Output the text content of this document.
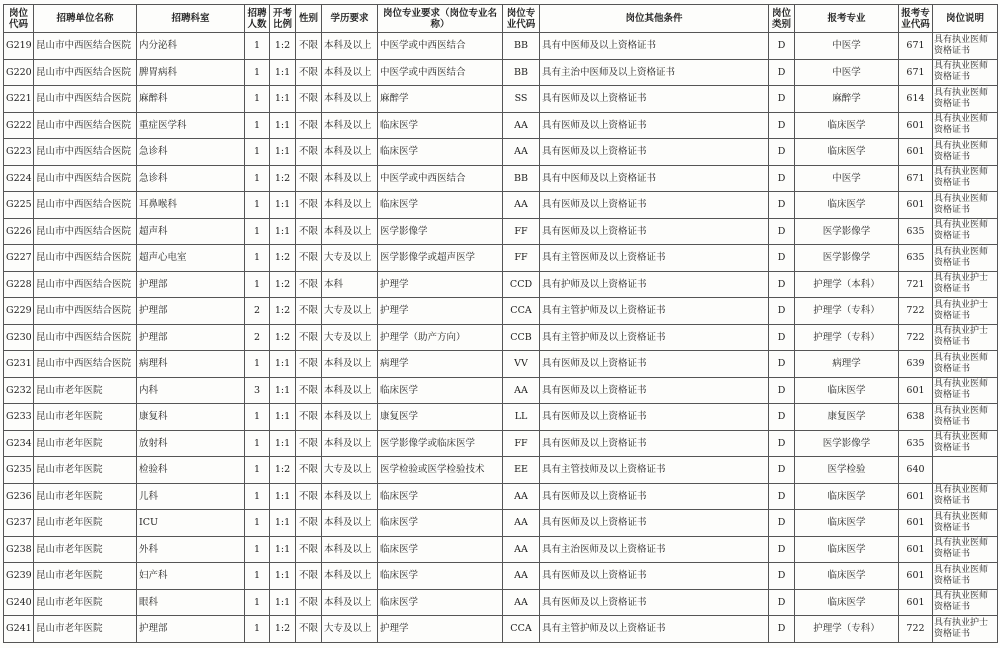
岗位代码	招聘单位名称	招聘科室	招聘人数	开考比例	性别	学历要求	岗位专业要求（岗位专业名称）	岗位专业代码	岗位其他条件	岗位类别	报考专业	报考专业代码	岗位说明
G219	昆山市中西医结合医院	内分泌科	1	1:2	不限	本科及以上	中医学或中西医结合	BB	具有中医师及以上资格证书	D	中医学	671	具有执业医师资格证书
G220	昆山市中西医结合医院	脾胃病科	1	1:1	不限	本科及以上	中医学或中西医结合	BB	具有主治中医师及以上资格证书	D	中医学	671	具有执业医师资格证书
G221	昆山市中西医结合医院	麻醉科	1	1:1	不限	本科及以上	麻醉学	SS	具有医师及以上资格证书	D	麻醉学	614	具有执业医师资格证书
G222	昆山市中西医结合医院	重症医学科	1	1:1	不限	本科及以上	临床医学	AA	具有医师及以上资格证书	D	临床医学	601	具有执业医师资格证书
G223	昆山市中西医结合医院	急诊科	1	1:1	不限	本科及以上	临床医学	AA	具有医师及以上资格证书	D	临床医学	601	具有执业医师资格证书
G224	昆山市中西医结合医院	急诊科	1	1:2	不限	本科及以上	中医学或中西医结合	BB	具有中医师及以上资格证书	D	中医学	671	具有执业医师资格证书
G225	昆山市中西医结合医院	耳鼻喉科	1	1:1	不限	本科及以上	临床医学	AA	具有医师及以上资格证书	D	临床医学	601	具有执业医师资格证书
G226	昆山市中西医结合医院	超声科	1	1:1	不限	本科及以上	医学影像学	FF	具有医师及以上资格证书	D	医学影像学	635	具有执业医师资格证书
G227	昆山市中西医结合医院	超声心电室	1	1:2	不限	大专及以上	医学影像学或超声医学	FF	具有主管医师及以上资格证书	D	医学影像学	635	具有执业医师资格证书
G228	昆山市中西医结合医院	护理部	1	1:2	不限	本科	护理学	CCD	具有护师及以上资格证书	D	护理学（本科）	721	具有执业护士资格证书
G229	昆山市中西医结合医院	护理部	2	1:2	不限	大专及以上	护理学	CCA	具有主管护师及以上资格证书	D	护理学（专科）	722	具有执业护士资格证书
G230	昆山市中西医结合医院	护理部	2	1:2	不限	大专及以上	护理学（助产方向）	CCB	具有主管护师及以上资格证书	D	护理学（专科）	722	具有执业护士资格证书
G231	昆山市中西医结合医院	病理科	1	1:1	不限	本科及以上	病理学	VV	具有医师及以上资格证书	D	病理学	639	具有执业医师资格证书
G232	昆山市老年医院	内科	3	1:1	不限	本科及以上	临床医学	AA	具有医师及以上资格证书	D	临床医学	601	具有执业医师资格证书
G233	昆山市老年医院	康复科	1	1:1	不限	本科及以上	康复医学	LL	具有医师及以上资格证书	D	康复医学	638	具有执业医师资格证书
G234	昆山市老年医院	放射科	1	1:1	不限	本科及以上	医学影像学或临床医学	FF	具有医师及以上资格证书	D	医学影像学	635	具有执业医师资格证书
G235	昆山市老年医院	检验科	1	1:2	不限	大专及以上	医学检验或医学检验技术	EE	具有主管技师及以上资格证书	D	医学检验	640	
G236	昆山市老年医院	儿科	1	1:1	不限	本科及以上	临床医学	AA	具有医师及以上资格证书	D	临床医学	601	具有执业医师资格证书
G237	昆山市老年医院	ICU	1	1:1	不限	本科及以上	临床医学	AA	具有医师及以上资格证书	D	临床医学	601	具有执业医师资格证书
G238	昆山市老年医院	外科	1	1:1	不限	本科及以上	临床医学	AA	具有主治医师及以上资格证书	D	临床医学	601	具有执业医师资格证书
G239	昆山市老年医院	妇产科	1	1:1	不限	本科及以上	临床医学	AA	具有医师及以上资格证书	D	临床医学	601	具有执业医师资格证书
G240	昆山市老年医院	眼科	1	1:1	不限	本科及以上	临床医学	AA	具有医师及以上资格证书	D	临床医学	601	具有执业医师资格证书
G241	昆山市老年医院	护理部	1	1:2	不限	大专及以上	护理学	CCA	具有主管护师及以上资格证书	D	护理学（专科）	722	具有执业护士资格证书
